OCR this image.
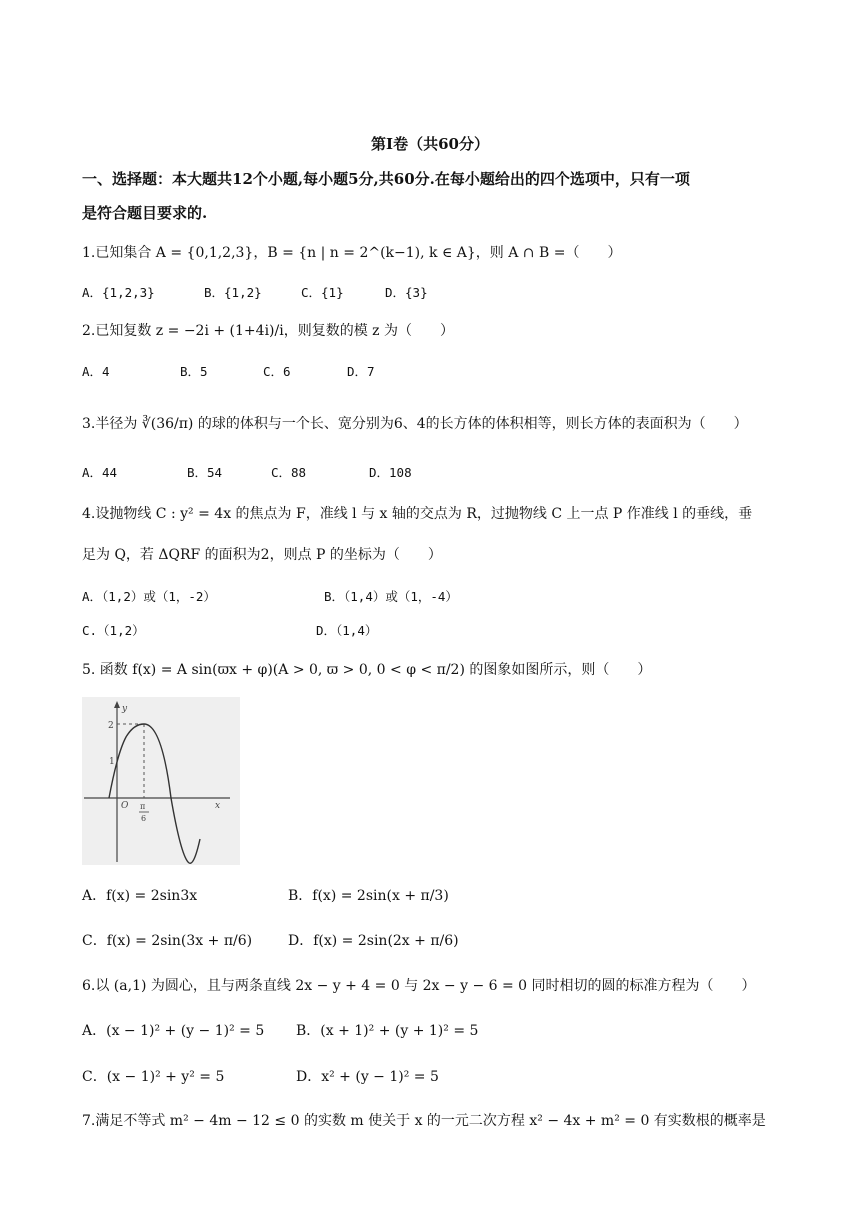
第Ⅰ卷（共60分）
一、选择题：本大题共12个小题,每小题5分,共60分.在每小题给出的四个选项中，只有一项
是符合题目要求的.
1.已知集合 A = {0,1,2,3}，B = {n | n = 2^(k−1), k ∈ A}，则 A ∩ B =（　　）
A．{1,2,3}	B．{1,2}	C．{1}	D．{3}
2.已知复数 z = −2i + (1+4i)/i，则复数的模 z 为（　　）
A．4	B．5	C．6	D．7
3.半径为 ∛(36/π) 的球的体积与一个长、宽分别为6、4的长方体的体积相等，则长方体的表面积为（　　）
A．44	B．54	C．88	D．108
4.设抛物线 C : y² = 4x 的焦点为 F，准线 l 与 x 轴的交点为 R，过抛物线 C 上一点 P 作准线 l 的垂线，垂
足为 Q，若 ΔQRF 的面积为2，则点 P 的坐标为（　　）
A．（1,2）或（1，-2）	B．（1,4）或（1，-4）
C.（1,2）	D．（1,4）
5. 函数 f(x) = A sin(ϖx + φ)(A > 0, ϖ > 0, 0 < φ < π/2) 的图象如图所示，则（　　）
y
2
1
O π
6
x
A．f(x) = 2sin3x	B．f(x) = 2sin(x + π/3)
C．f(x) = 2sin(3x + π/6)	D．f(x) = 2sin(2x + π/6)
6.以 (a,1) 为圆心，且与两条直线 2x − y + 4 = 0 与 2x − y − 6 = 0 同时相切的圆的标准方程为（　　）
A．(x − 1)² + (y − 1)² = 5 B．(x + 1)² + (y + 1)² = 5
C．(x − 1)² + y² = 5	D．x² + (y − 1)² = 5
7.满足不等式 m² − 4m − 12 ≤ 0 的实数 m 使关于 x 的一元二次方程 x² − 4x + m² = 0 有实数根的概率是
